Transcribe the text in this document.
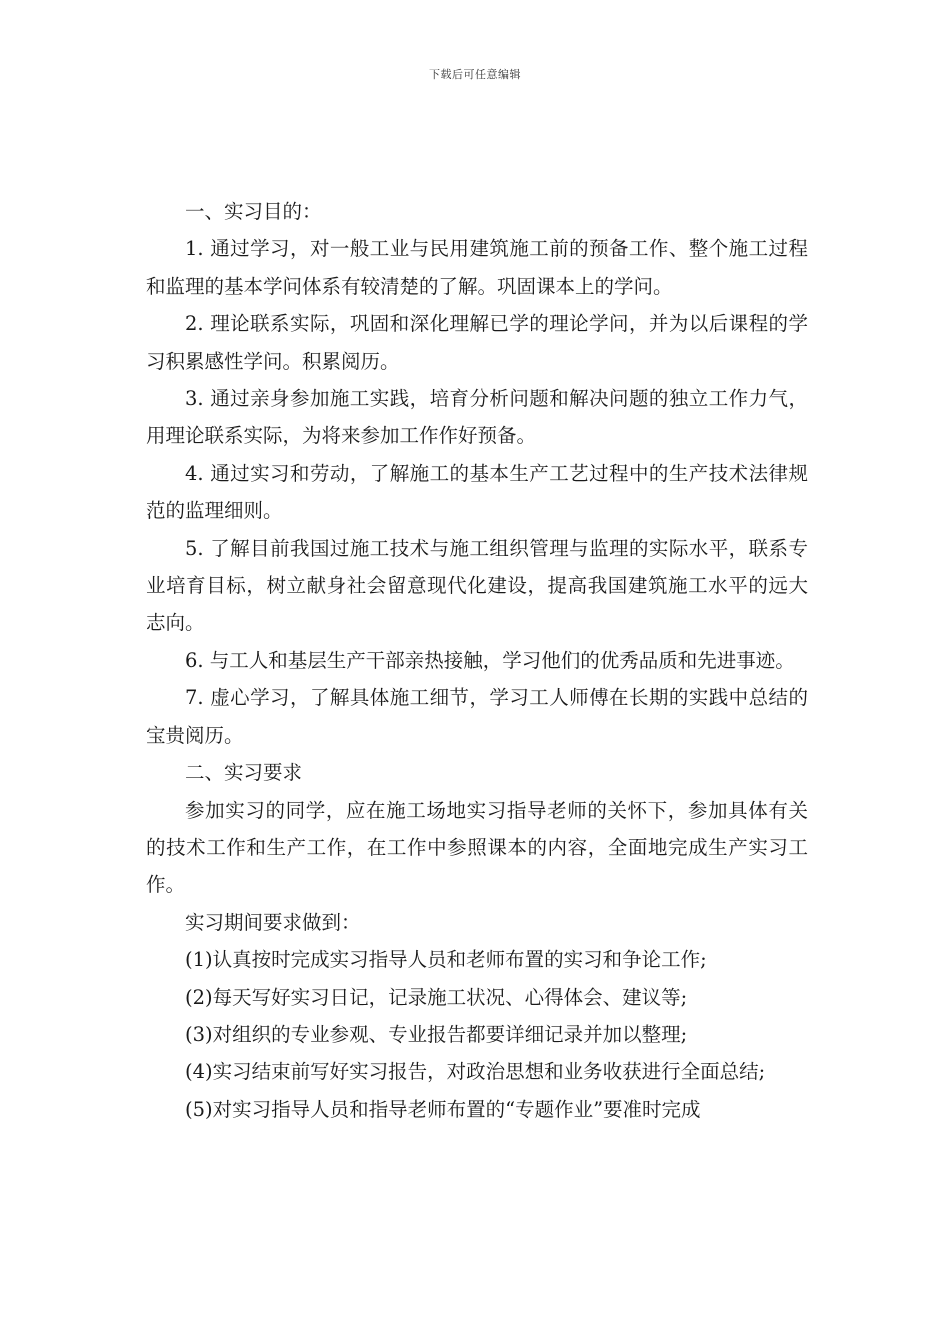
下载后可任意编辑

一、实习目的：

1. 通过学习，对一般工业与民用建筑施工前的预备工作、整个施工过程和监理的基本学问体系有较清楚的了解。巩固课本上的学问。

2. 理论联系实际，巩固和深化理解已学的理论学问，并为以后课程的学习积累感性学问。积累阅历。

3. 通过亲身参加施工实践，培育分析问题和解决问题的独立工作力气，用理论联系实际，为将来参加工作作好预备。

4. 通过实习和劳动，了解施工的基本生产工艺过程中的生产技术法律规范的监理细则。

5. 了解目前我国过施工技术与施工组织管理与监理的实际水平，联系专业培育目标，树立献身社会留意现代化建设，提高我国建筑施工水平的远大志向。

6. 与工人和基层生产干部亲热接触，学习他们的优秀品质和先进事迹。

7. 虚心学习，了解具体施工细节，学习工人师傅在长期的实践中总结的宝贵阅历。

二、实习要求

参加实习的同学，应在施工场地实习指导老师的关怀下，参加具体有关的技术工作和生产工作，在工作中参照课本的内容，全面地完成生产实习工作。

实习期间要求做到：

(1)认真按时完成实习指导人员和老师布置的实习和争论工作;

(2)每天写好实习日记，记录施工状况、心得体会、建议等;

(3)对组织的专业参观、专业报告都要详细记录并加以整理;

(4)实习结束前写好实习报告，对政治思想和业务收获进行全面总结;

(5)对实习指导人员和指导老师布置的“专题作业”要准时完成
